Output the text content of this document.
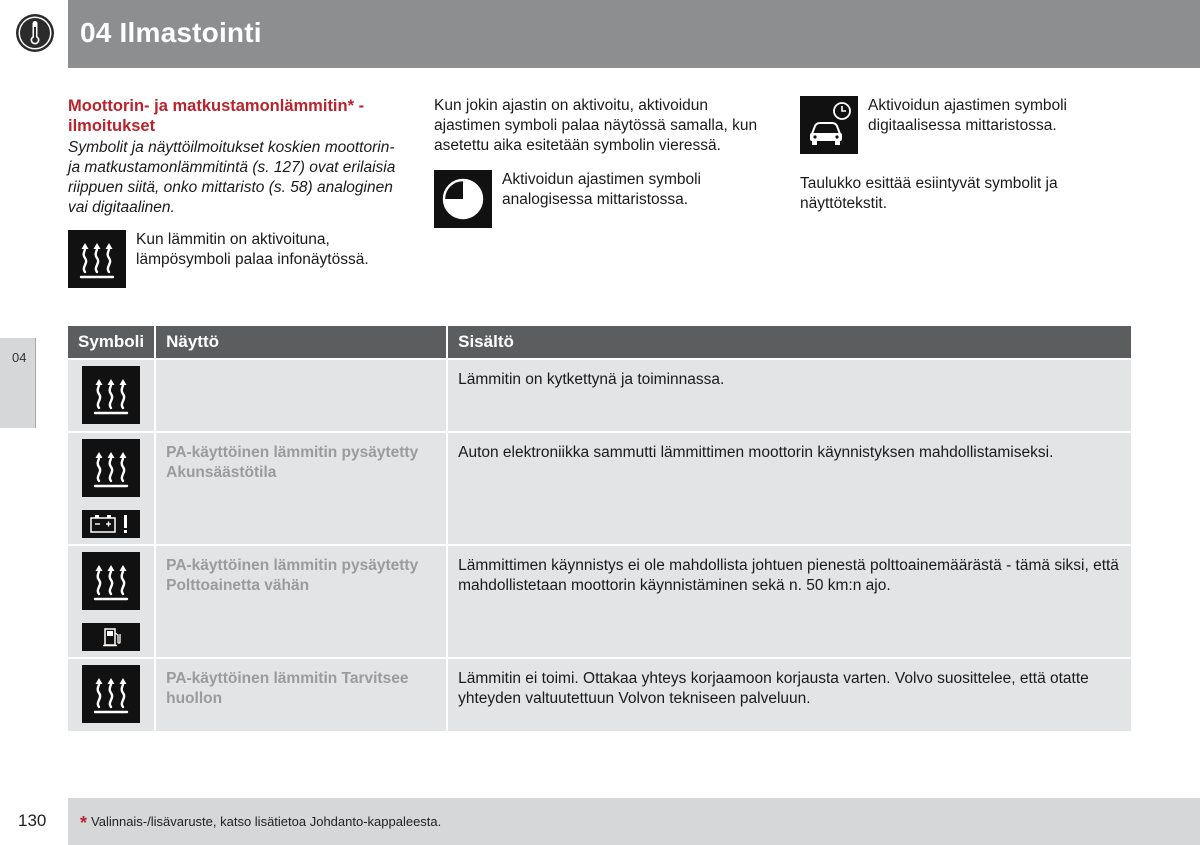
04 Ilmastointi
04
Moottorin- ja matkustamonlämmitin* -
ilmoitukset

Symbolit ja näyttöilmoitukset koskien moottorin- ja matkustamonlämmitintä (s. 127) ovat erilaisia riippuen siitä, onko mittaristo (s. 58) analoginen vai digitaalinen.

Kun lämmitin on aktivoituna, lämpösymboli palaa infonäytössä.

Kun jokin ajastin on aktivoitu, aktivoidun ajastimen symboli palaa näytössä samalla, kun asetettu aika esitetään symbolin vieressä.

Aktivoidun ajastimen symboli analogisessa mittaristossa.

Aktivoidun ajastimen symboli digitaalisessa mittaristossa.

Taulukko esittää esiintyvät symbolit ja näyttötekstit.

Symboli	Näyttö	Sisältö

		Lämmitin on kytkettynä ja toiminnassa.

	PA-käyttöinen lämmitin pysäytetty Akunsäästötila	Auton elektroniikka sammutti lämmittimen moottorin käynnistyksen mahdollistamiseksi.

	PA-käyttöinen lämmitin pysäytetty Polttoainetta vähän	Lämmittimen käynnistys ei ole mahdollista johtuen pienestä polttoainemäärästä - tämä siksi, että mahdollistetaan moottorin käynnistäminen sekä n. 50 km:n ajo.

	PA-käyttöinen lämmitin Tarvitsee huollon	Lämmitin ei toimi. Ottakaa yhteys korjaamoon korjausta varten. Volvo suosittelee, että otatte yhteyden valtuutettuun Volvon tekniseen palveluun.
130 * Valinnais-/lisävaruste, katso lisätietoa Johdanto-kappaleesta.
